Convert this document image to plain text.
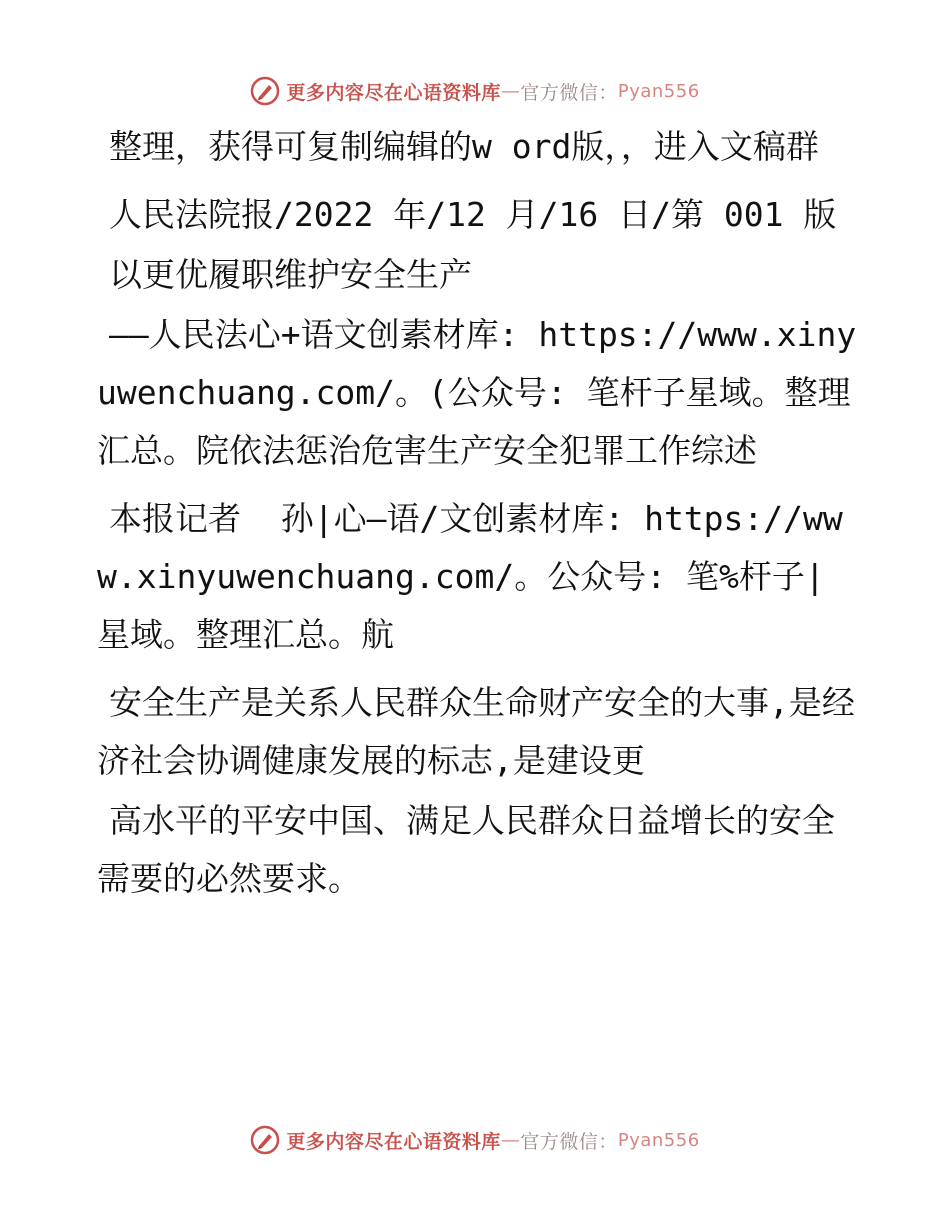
更多内容尽在心语资料库 — 官方微信： Pyan556

整理，获得可复制编辑的w ord版，，进入文稿群

人民法院报/2022 年/12 月/16 日/第 001 版

以更优履职维护安全生产

——人民法心+语文创素材库: https://www.xinyuwenchuang.com/。(公众号: 笔杆子星域。整理汇总。院依法惩治危害生产安全犯罪工作综述

本报记者  孙|心—语/文创素材库: https://www.xinyuwenchuang.com/。公众号: 笔%杆子|星域。整理汇总。航

安全生产是关系人民群众生命财产安全的大事,是经济社会协调健康发展的标志,是建设更

高水平的平安中国、满足人民群众日益增长的安全需要的必然要求。

更多内容尽在心语资料库 — 官方微信： Pyan556
